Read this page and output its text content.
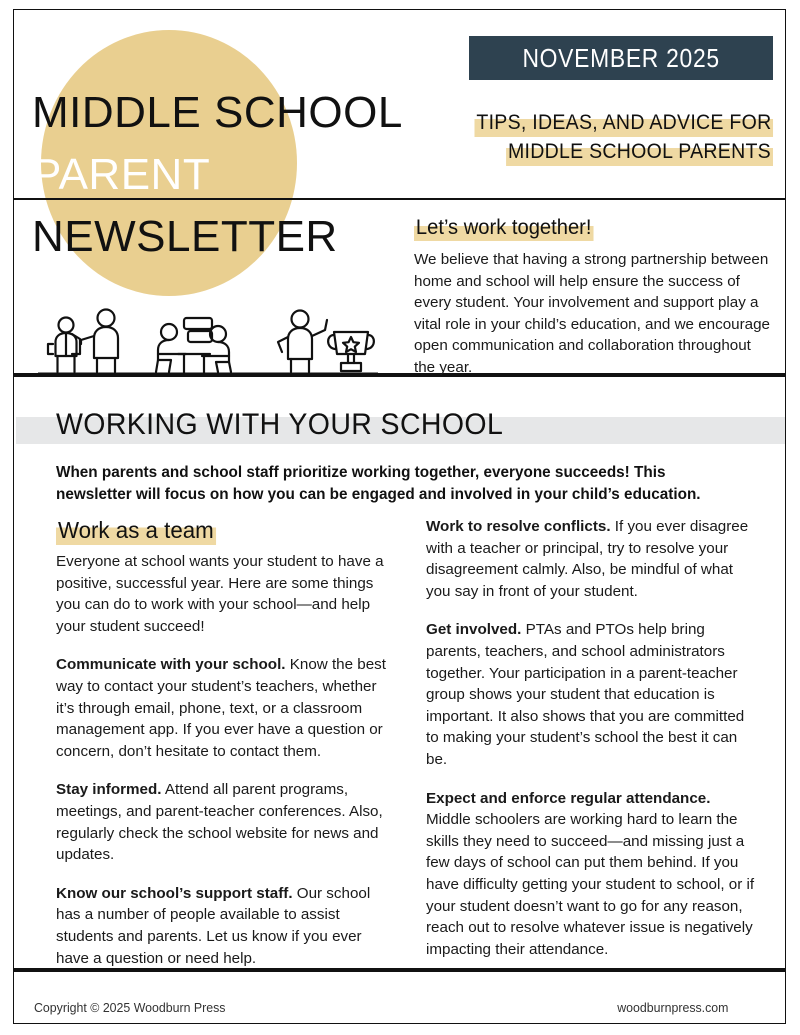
MIDDLE SCHOOL
PARENT
NEWSLETTER
NOVEMBER 2025
TIPS, IDEAS, AND ADVICE FOR
MIDDLE SCHOOL PARENTS
Let’s work together!
We believe that having a strong partnership between home and school will help ensure the success of every student. Your involvement and support play a vital role in your child’s education, and we encourage open communication and collaboration throughout the year.
WORKING WITH YOUR SCHOOL
When parents and school staff prioritize working together, everyone succeeds! This newsletter will focus on how you can be engaged and involved in your child’s education.
Work as a team

Everyone at school wants your student to have a positive, successful year. Here are some things you can do to work with your school—and help your student succeed!

Communicate with your school. Know the best way to contact your student’s teachers, whether it’s through email, phone, text, or a classroom management app. If you ever have a question or concern, don’t hesitate to contact them.

Stay informed. Attend all parent programs, meetings, and parent-teacher conferences. Also, regularly check the school website for news and updates.

Know our school’s support staff. Our school has a number of people available to assist students and parents. Let us know if you ever have a question or need help.

Work to resolve conflicts. If you ever disagree with a teacher or principal, try to resolve your disagreement calmly. Also, be mindful of what you say in front of your student.

Get involved. PTAs and PTOs help bring parents, teachers, and school administrators together. Your participation in a parent-teacher group shows your student that education is important. It also shows that you are committed to making your student’s school the best it can be.

Expect and enforce regular attendance. Middle schoolers are working hard to learn the skills they need to succeed—and missing just a few days of school can put them behind. If you have difficulty getting your student to school, or if your student doesn’t want to go for any reason, reach out to resolve whatever issue is negatively impacting their attendance.

Copyright © 2025 Woodburn Press	woodburnpress.com
